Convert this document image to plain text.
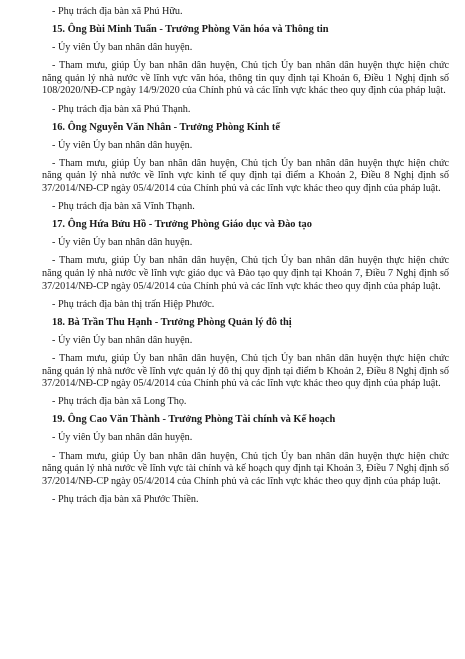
- Phụ trách địa bàn xã Phú Hữu.

15. Ông Bùi Minh Tuấn - Trưởng Phòng Văn hóa và Thông tin

- Ủy viên Ủy ban nhân dân huyện.

- Tham mưu, giúp Ủy ban nhân dân huyện, Chủ tịch Ủy ban nhân dân huyện thực hiện chức năng quản lý nhà nước về lĩnh vực văn hóa, thông tin quy định tại Khoản 6, Điều 1 Nghị định số 108/2020/NĐ-CP ngày 14/9/2020 của Chính phủ và các lĩnh vực khác theo quy định của pháp luật.

- Phụ trách địa bàn xã Phú Thạnh.

16. Ông Nguyễn Văn Nhân - Trưởng Phòng Kinh tế

- Ủy viên Ủy ban nhân dân huyện.

- Tham mưu, giúp Ủy ban nhân dân huyện, Chủ tịch Ủy ban nhân dân huyện thực hiện chức năng quản lý nhà nước về lĩnh vực kinh tế quy định tại điểm a Khoản 2, Điều 8 Nghị định số 37/2014/NĐ-CP ngày 05/4/2014 của Chính phủ và các lĩnh vực khác theo quy định của pháp luật.

- Phụ trách địa bàn xã Vĩnh Thạnh.

17. Ông Hứa Bửu Hồ - Trưởng Phòng Giáo dục và Đào tạo

- Ủy viên Ủy ban nhân dân huyện.

- Tham mưu, giúp Ủy ban nhân dân huyện, Chủ tịch Ủy ban nhân dân huyện thực hiện chức năng quản lý nhà nước về lĩnh vực giáo dục và Đào tạo quy định tại Khoản 7, Điều 7 Nghị định số 37/2014/NĐ-CP ngày 05/4/2014 của Chính phủ và các lĩnh vực khác theo quy định của pháp luật.

- Phụ trách địa bàn thị trấn Hiệp Phước.

18. Bà Trần Thu Hạnh - Trưởng Phòng Quản lý đô thị

- Ủy viên Ủy ban nhân dân huyện.

- Tham mưu, giúp Ủy ban nhân dân huyện, Chủ tịch Ủy ban nhân dân huyện thực hiện chức năng quản lý nhà nước về lĩnh vực quản lý đô thị quy định tại điểm b Khoản 2, Điều 8 Nghị định số 37/2014/NĐ-CP ngày 05/4/2014 của Chính phủ và các lĩnh vực khác theo quy định của pháp luật.

- Phụ trách địa bàn xã Long Thọ.

19. Ông Cao Văn Thành - Trưởng Phòng Tài chính và Kế hoạch

- Ủy viên Ủy ban nhân dân huyện.

- Tham mưu, giúp Ủy ban nhân dân huyện, Chủ tịch Ủy ban nhân dân huyện thực hiện chức năng quản lý nhà nước về lĩnh vực tài chính và kế hoạch quy định tại Khoản 3, Điều 7 Nghị định số 37/2014/NĐ-CP ngày 05/4/2014 của Chính phủ và các lĩnh vực khác theo quy định của pháp luật.

- Phụ trách địa bàn xã Phước Thiền.
